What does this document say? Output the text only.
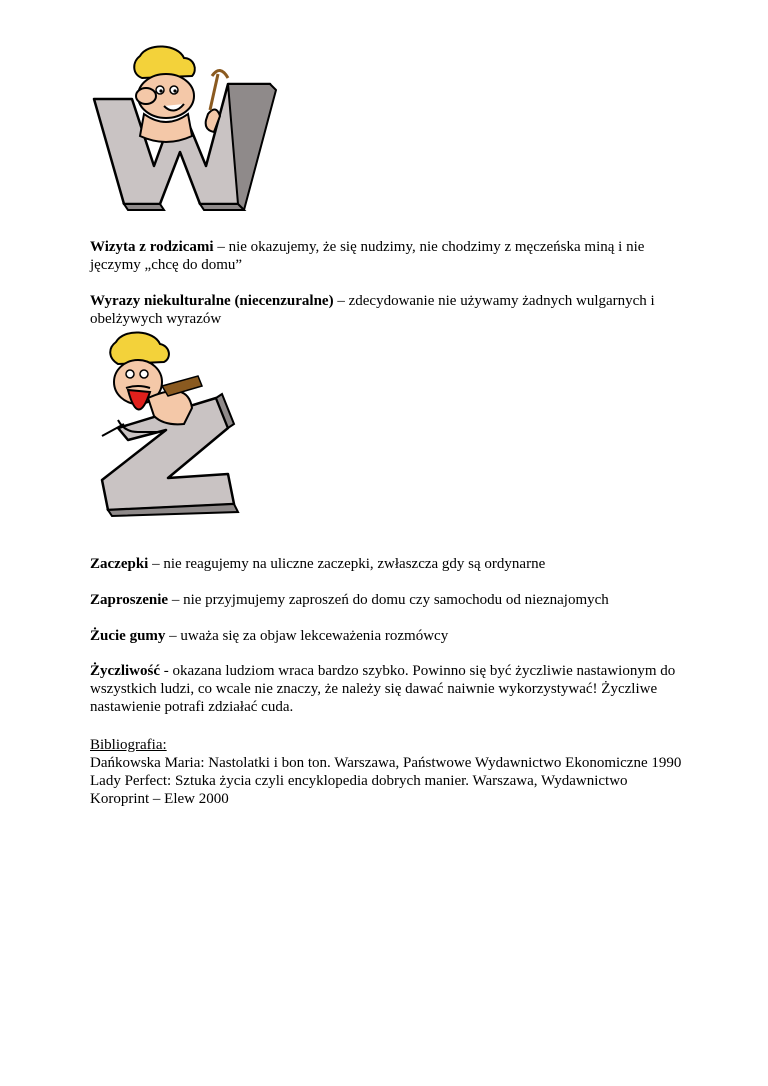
Wizyta z rodzicami – nie okazujemy, że się nudzimy, nie chodzimy z męczeńska miną i nie jęczymy „chcę do domu”

Wyrazy niekulturalne (niecenzuralne) – zdecydowanie nie używamy żadnych wulgarnych i obelżywych wyrazów

Zaczepki – nie reagujemy na uliczne zaczepki, zwłaszcza gdy są ordynarne

Zaproszenie – nie przyjmujemy zaproszeń do domu czy samochodu od nieznajomych

Żucie gumy – uważa się za objaw lekceważenia rozmówcy

Życzliwość - okazana ludziom wraca bardzo szybko. Powinno się być życzliwie nastawionym do wszystkich ludzi, co wcale nie znaczy, że należy się dawać naiwnie wykorzystywać! Życzliwe nastawienie potrafi zdziałać cuda.

Bibliografia:
Dańkowska Maria: Nastolatki i bon ton. Warszawa, Państwowe Wydawnictwo Ekonomiczne 1990
Lady Perfect: Sztuka życia czyli encyklopedia dobrych manier. Warszawa, Wydawnictwo Koroprint – Elew 2000
